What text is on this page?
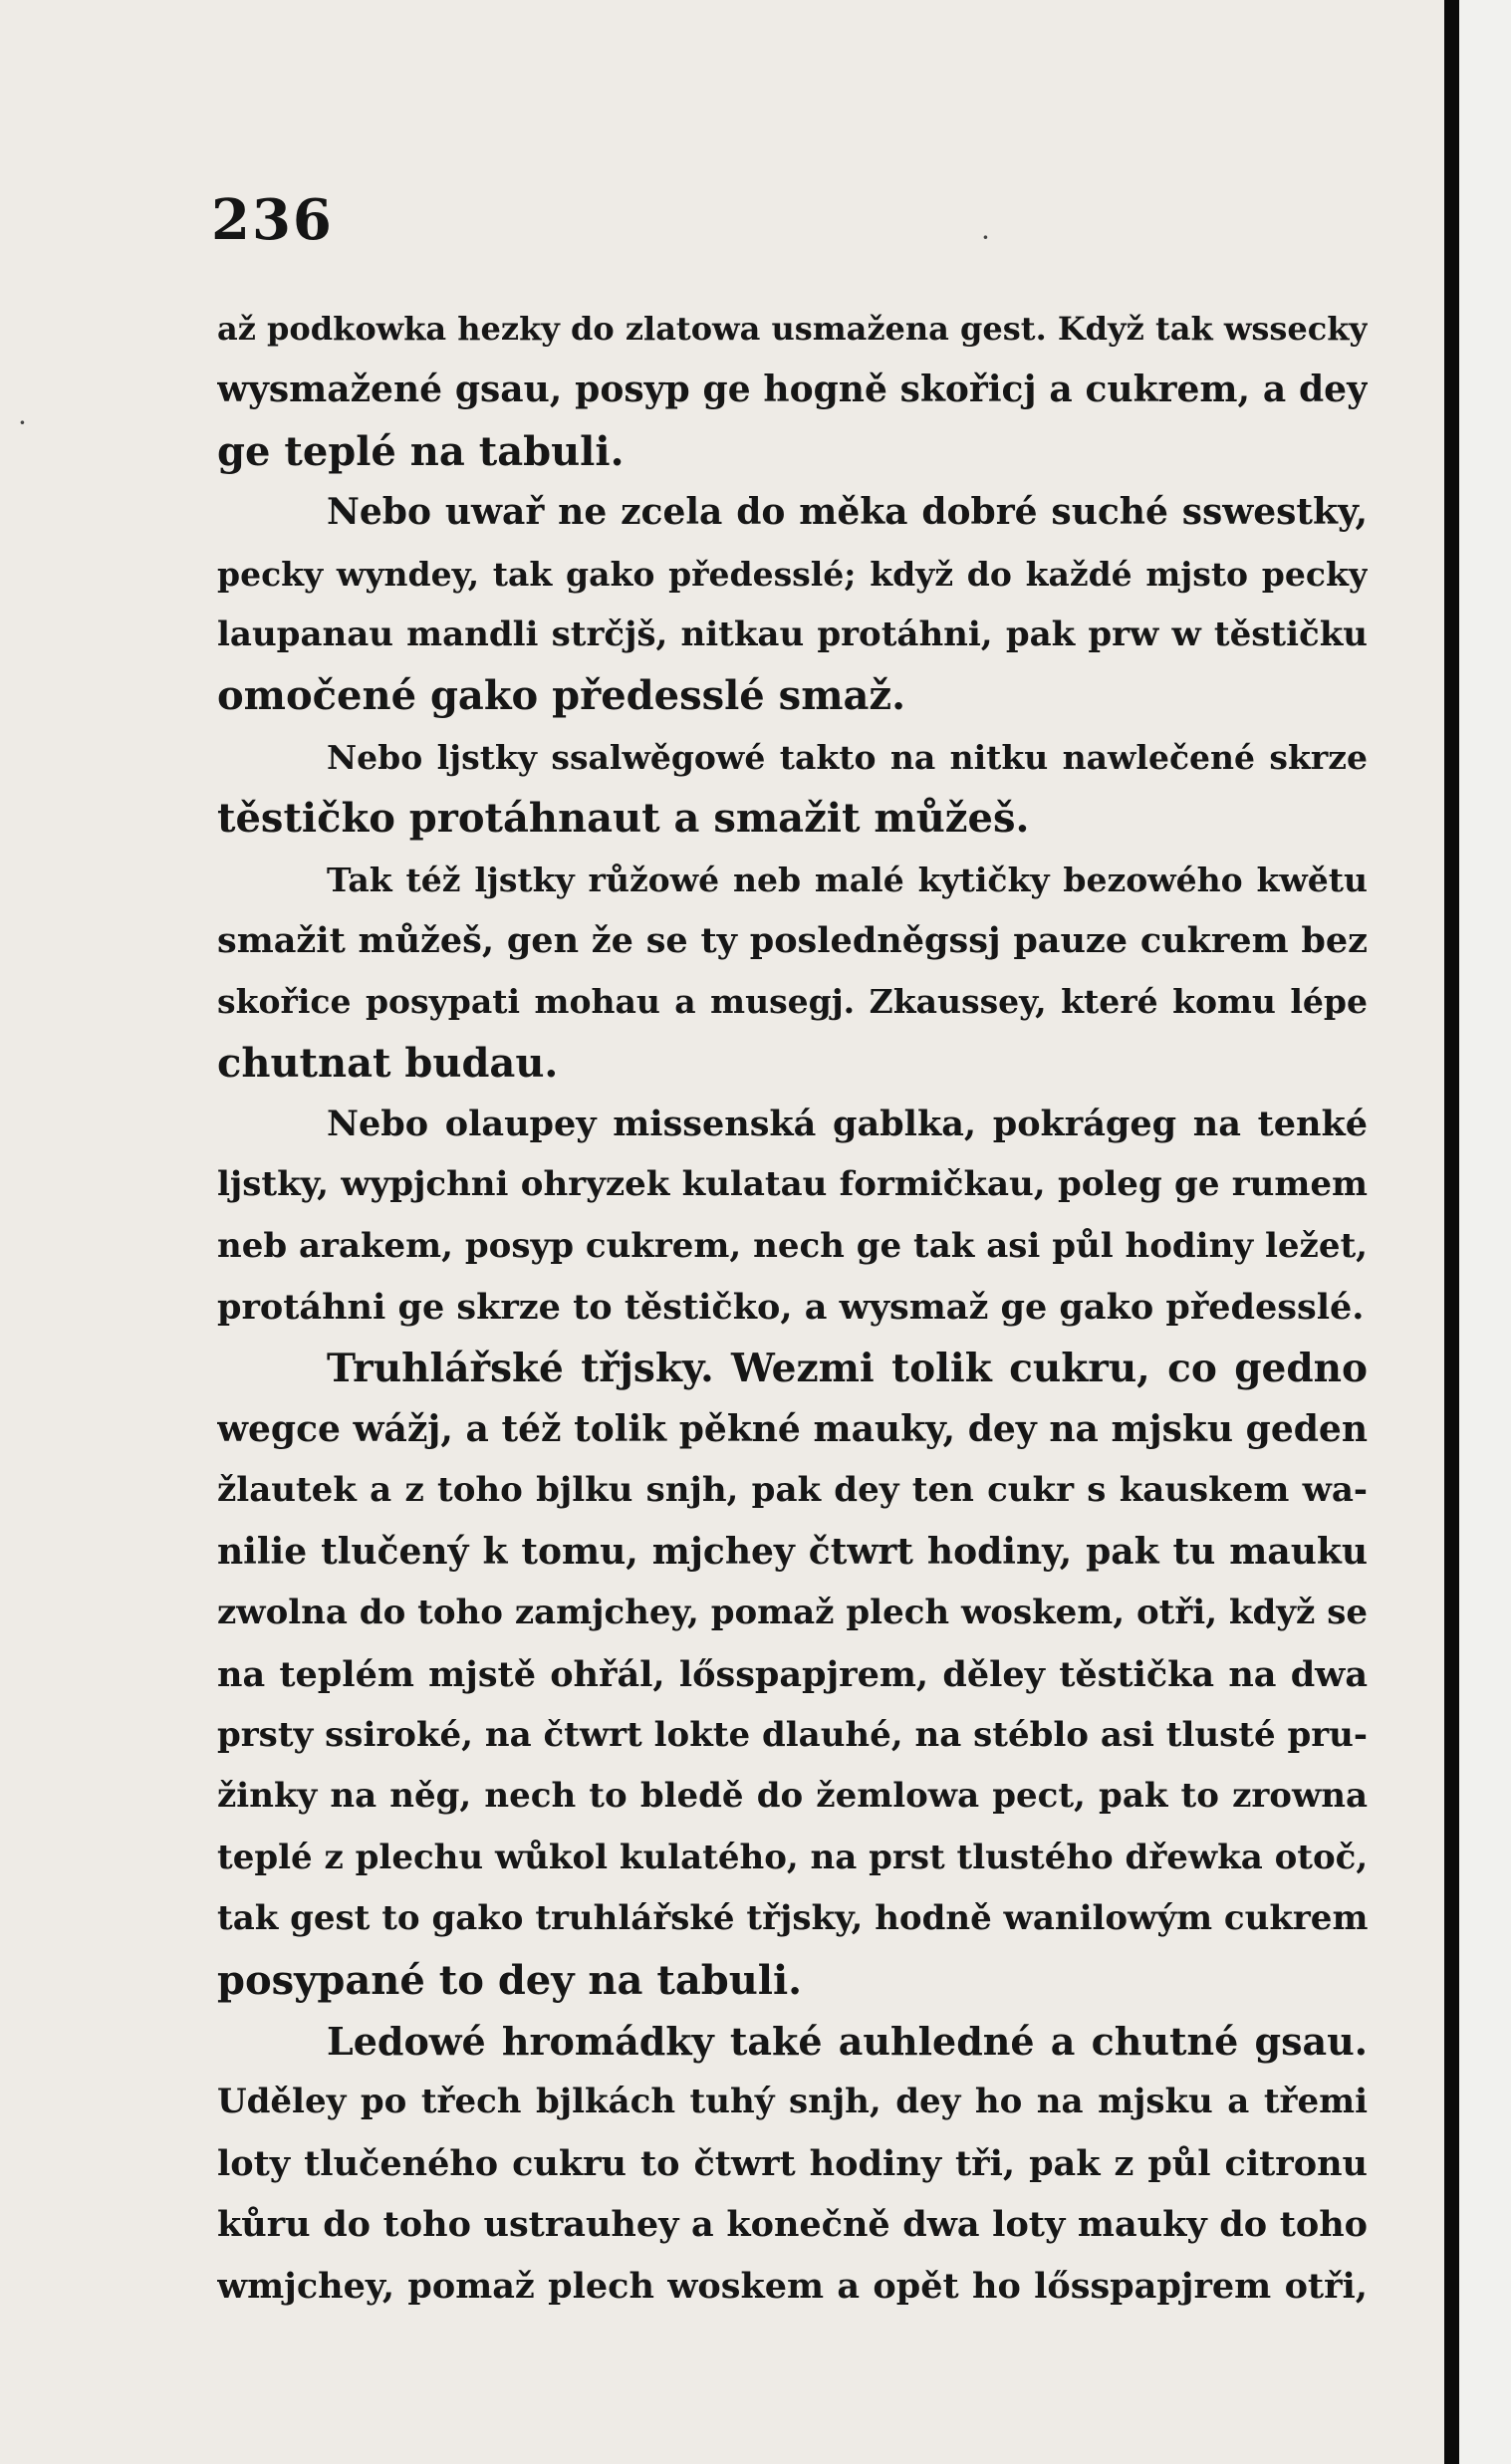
236	·
·
až podkowka hezky do zlatowa usmažena gest. Když tak wssecky
wysmažené gsau, posyp ge hogně skořicj a cukrem, a dey
ge teplé na tabuli.
Nebo uwař ne zcela do měka dobré suché sswestky,
pecky wyndey, tak gako předesslé; když do každé mjsto pecky
laupanau mandli strčjš, nitkau protáhni, pak prw w těstičku
omočené gako předesslé smaž.
Nebo ljstky ssalwěgowé takto na nitku nawlečené skrze
těstičko protáhnaut a smažit můžeš.
Tak též ljstky růžowé neb malé kytičky bezowého kwětu
smažit můžeš, gen že se ty posledněgssj pauze cukrem bez
skořice posypati mohau a musegj. Zkaussey, které komu lépe
chutnat budau.
Nebo olaupey missenská gablka, pokrágeg na tenké
ljstky, wypjchni ohryzek kulatau formičkau, poleg ge rumem
neb arakem, posyp cukrem, nech ge tak asi půl hodiny ležet,
protáhni ge skrze to těstičko, a wysmaž ge gako předesslé.
Truhlářské třjsky. Wezmi tolik cukru, co gedno
wegce wážj, a též tolik pěkné mauky, dey na mjsku geden
žlautek a z toho bjlku snjh, pak dey ten cukr s kauskem wa-
nilie tlučený k tomu, mjchey čtwrt hodiny, pak tu mauku
zwolna do toho zamjchey, pomaž plech woskem, otři, když se
na teplém mjstě ohřál, lősspapjrem, děley těstička na dwa
prsty ssiroké, na čtwrt lokte dlauhé, na stéblo asi tlusté pru-
žinky na něg, nech to bledě do žemlowa pect, pak to zrowna
teplé z plechu wůkol kulatého, na prst tlustého dřewka otoč,
tak gest to gako truhlářské třjsky, hodně wanilowým cukrem
posypané to dey na tabuli.
Ledowé hromádky také auhledné a chutné gsau.
Uděley po třech bjlkách tuhý snjh, dey ho na mjsku a třemi
loty tlučeného cukru to čtwrt hodiny tři, pak z půl citronu
kůru do toho ustrauhey a konečně dwa loty mauky do toho
wmjchey, pomaž plech woskem a opět ho lősspapjrem otři,
